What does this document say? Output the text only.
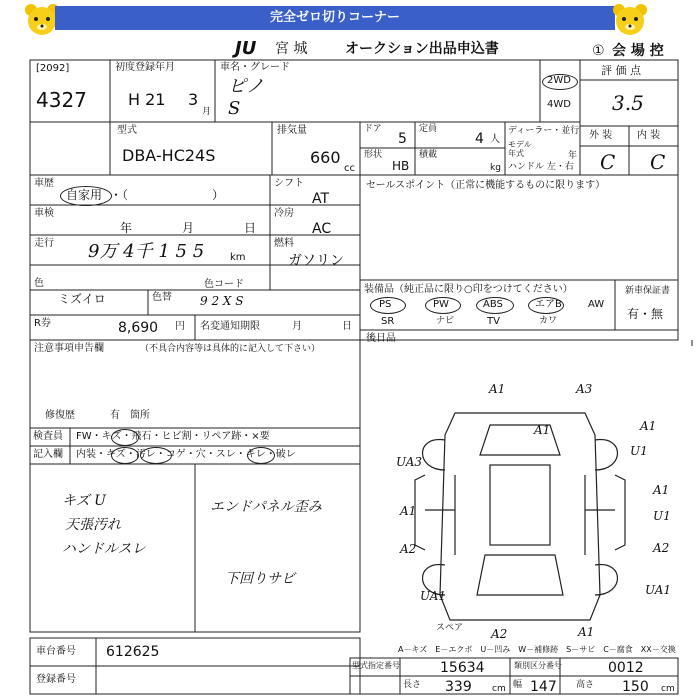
完全ゼロ切りコーナー
JU 宮 城	オークション出品申込書	① 会 場 控
[2092]
4327
初度登録年月
H 21 3
月
車名・グレード
ピノ
S
2WD
4WD
評 価 点
3.5
型式
DBA-HC24S
排気量
660
cc
ドア
5
定員
4 人
形状
HB
積載
kg
ディーラー・並行
モデル
年式	年
ハンドル 左・右
外 装 内 装
C C
車歴
自家用 ・（　　　　　　　）
シフト
AT
車検
年	月	日
冷房
AC
走行 9万 4千 1 5 5	km
燃料
ガソリン
色
ミズイロ	色替
色コード
9 2 X S
R券	8,690 円 名変通知期限	月	日
セールスポイント（正常に機能するものに限ります）
装備品（純正品に限り○印をつけてください）	新車保証書
有・無
PS	PW	ABS	エアB	AW
SR	ナビ	TV	カワ
後日品
注意事項申告欄	（不具合内容等は具体的に記入して下さい）
修復歴	有 箇所
検査員 FW・キズ・飛石・ヒビ割・リペア跡・×要
記入欄 内装・キズ・汚レ・コゲ・穴・スレ・キレ・破レ
キズ U
天張汚れ
ハンドルスレ
エンドパネル歪み
下回りサビ
A1	A3
A1	A1
U1
UA3
A1
U1
A1
A2
A2
UA1
UA1
A1
A2
スペア
A－キズ　E－エクボ　U－凹み　W－補修跡　S－サビ　C－腐食　XX－交換
車台番号 612625
登録番号
型式指定番号	15634	類別区分番号	0012
長さ 339 cm 幅 147 高さ 150 cm
